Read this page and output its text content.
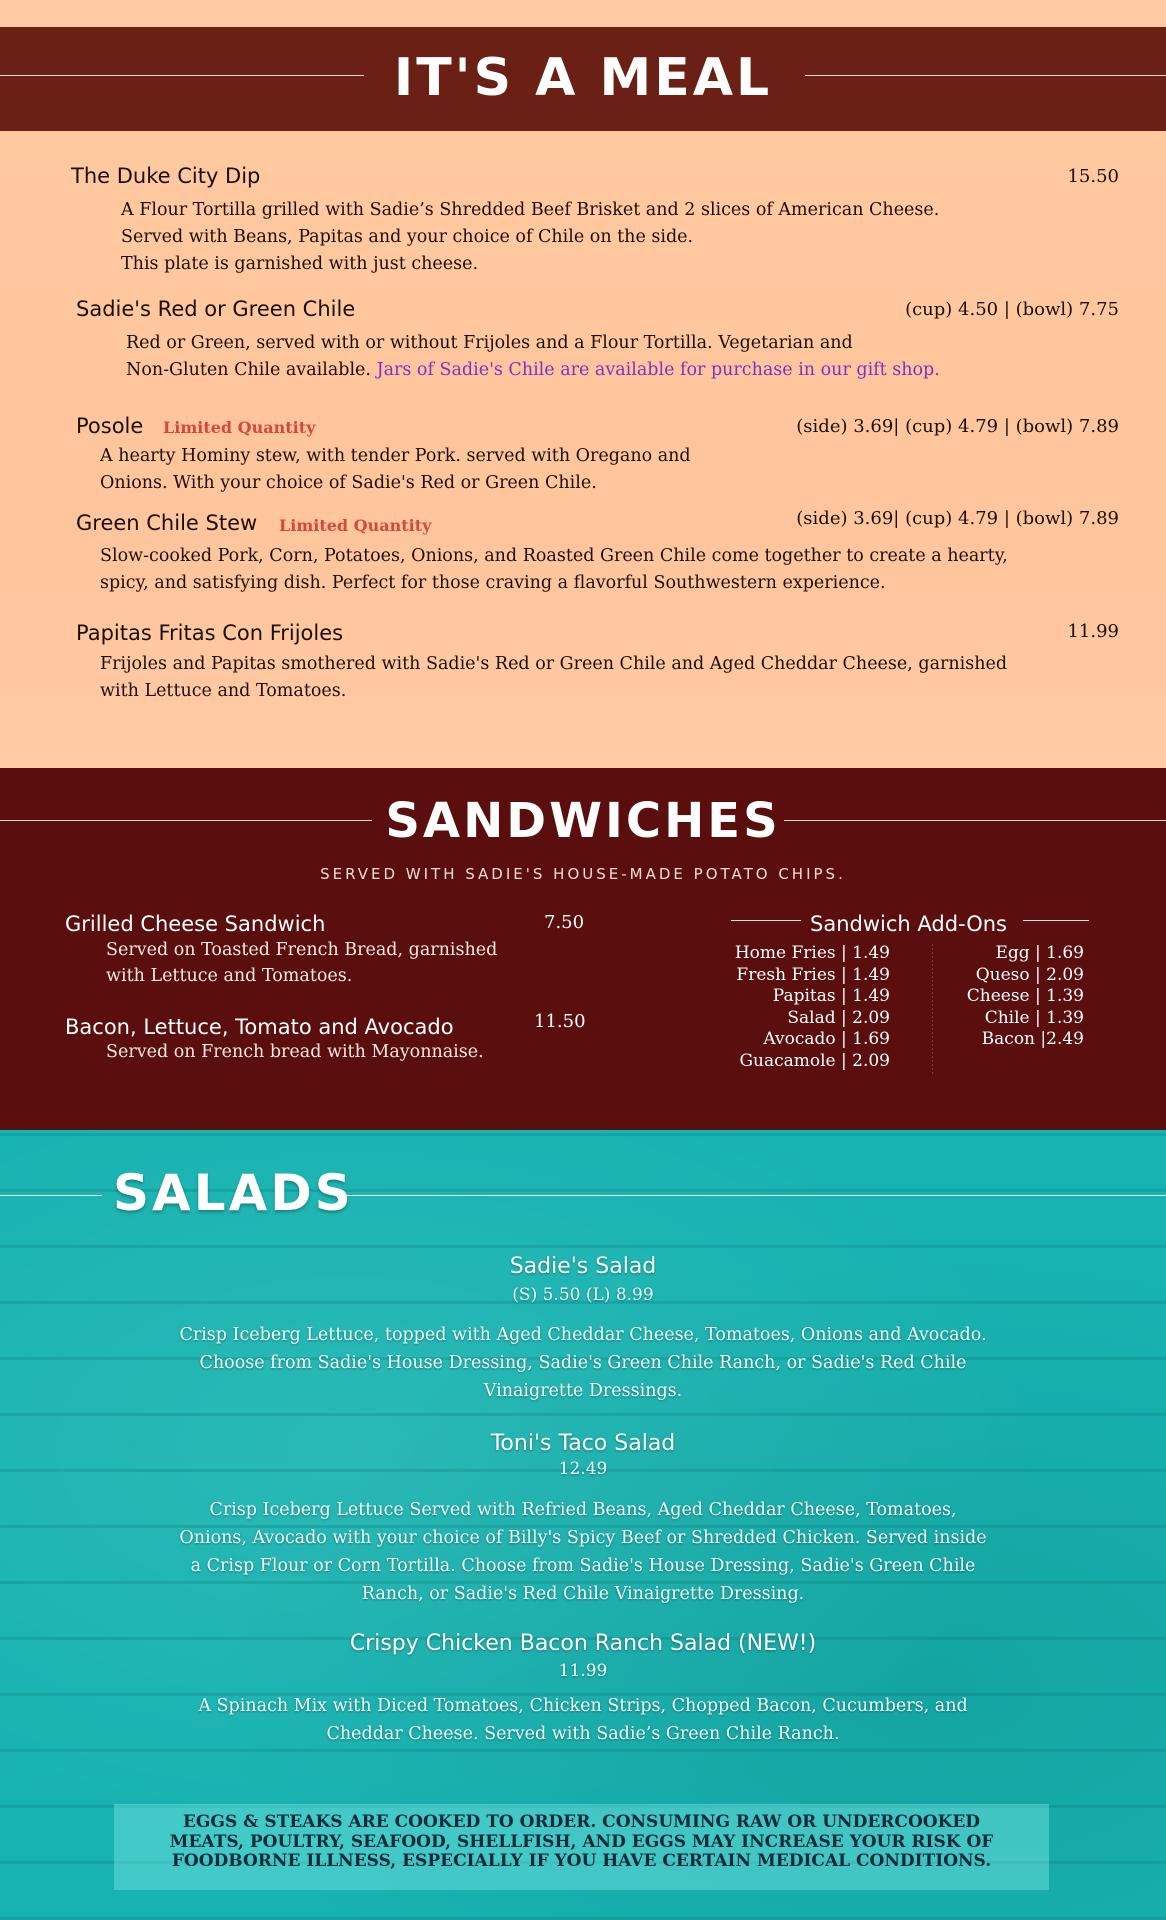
IT'S A MEAL
The Duke City Dip	15.50
A Flour Tortilla grilled with Sadie’s Shredded Beef Brisket and 2 slices of American Cheese.
Served with Beans, Papitas and your choice of Chile on the side.
This plate is garnished with just cheese.
Sadie's Red or Green Chile	(cup) 4.50 | (bowl) 7.75
Red or Green, served with or without Frijoles and a Flour Tortilla. Vegetarian and
Non-Gluten Chile available. Jars of Sadie's Chile are available for purchase in our gift shop.
Posole Limited Quantity	(side) 3.69| (cup) 4.79 | (bowl) 7.89
A hearty Hominy stew, with tender Pork. served with Oregano and
Onions. With your choice of Sadie's Red or Green Chile.
Green Chile Stew Limited Quantity	(side) 3.69| (cup) 4.79 | (bowl) 7.89
Slow-cooked Pork, Corn, Potatoes, Onions, and Roasted Green Chile come together to create a hearty,
spicy, and satisfying dish. Perfect for those craving a flavorful Southwestern experience.
Papitas Fritas Con Frijoles	11.99
Frijoles and Papitas smothered with Sadie's Red or Green Chile and Aged Cheddar Cheese, garnished
with Lettuce and Tomatoes.
SANDWICHES
SERVED WITH SADIE'S HOUSE-MADE POTATO CHIPS.
Grilled Cheese Sandwich	7.50
Served on Toasted French Bread, garnished
with Lettuce and Tomatoes.
Bacon, Lettuce, Tomato and Avocado	11.50
Served on French bread with Mayonnaise.
Sandwich Add-Ons
Home Fries | 1.49
Fresh Fries | 1.49
Papitas | 1.49
Salad | 2.09
Avocado | 1.69
Guacamole | 2.09
Egg | 1.69
Queso | 2.09
Cheese | 1.39
Chile | 1.39
Bacon |2.49
SALADS
Sadie's Salad
(S) 5.50 (L) 8.99
Crisp Iceberg Lettuce, topped with Aged Cheddar Cheese, Tomatoes, Onions and Avocado.
Choose from Sadie's House Dressing, Sadie's Green Chile Ranch, or Sadie's Red Chile
Vinaigrette Dressings.
Toni's Taco Salad
12.49
Crisp Iceberg Lettuce Served with Refried Beans, Aged Cheddar Cheese, Tomatoes,
Onions, Avocado with your choice of Billy's Spicy Beef or Shredded Chicken. Served inside
a Crisp Flour or Corn Tortilla. Choose from Sadie's House Dressing, Sadie's Green Chile
Ranch, or Sadie's Red Chile Vinaigrette Dressing.
Crispy Chicken Bacon Ranch Salad (NEW!)
11.99
A Spinach Mix with Diced Tomatoes, Chicken Strips, Chopped Bacon, Cucumbers, and
Cheddar Cheese. Served with Sadie’s Green Chile Ranch.
EGGS & STEAKS ARE COOKED TO ORDER. CONSUMING RAW OR UNDERCOOKED
MEATS, POULTRY, SEAFOOD, SHELLFISH, AND EGGS MAY INCREASE YOUR RISK OF
FOODBORNE ILLNESS, ESPECIALLY IF YOU HAVE CERTAIN MEDICAL CONDITIONS.
